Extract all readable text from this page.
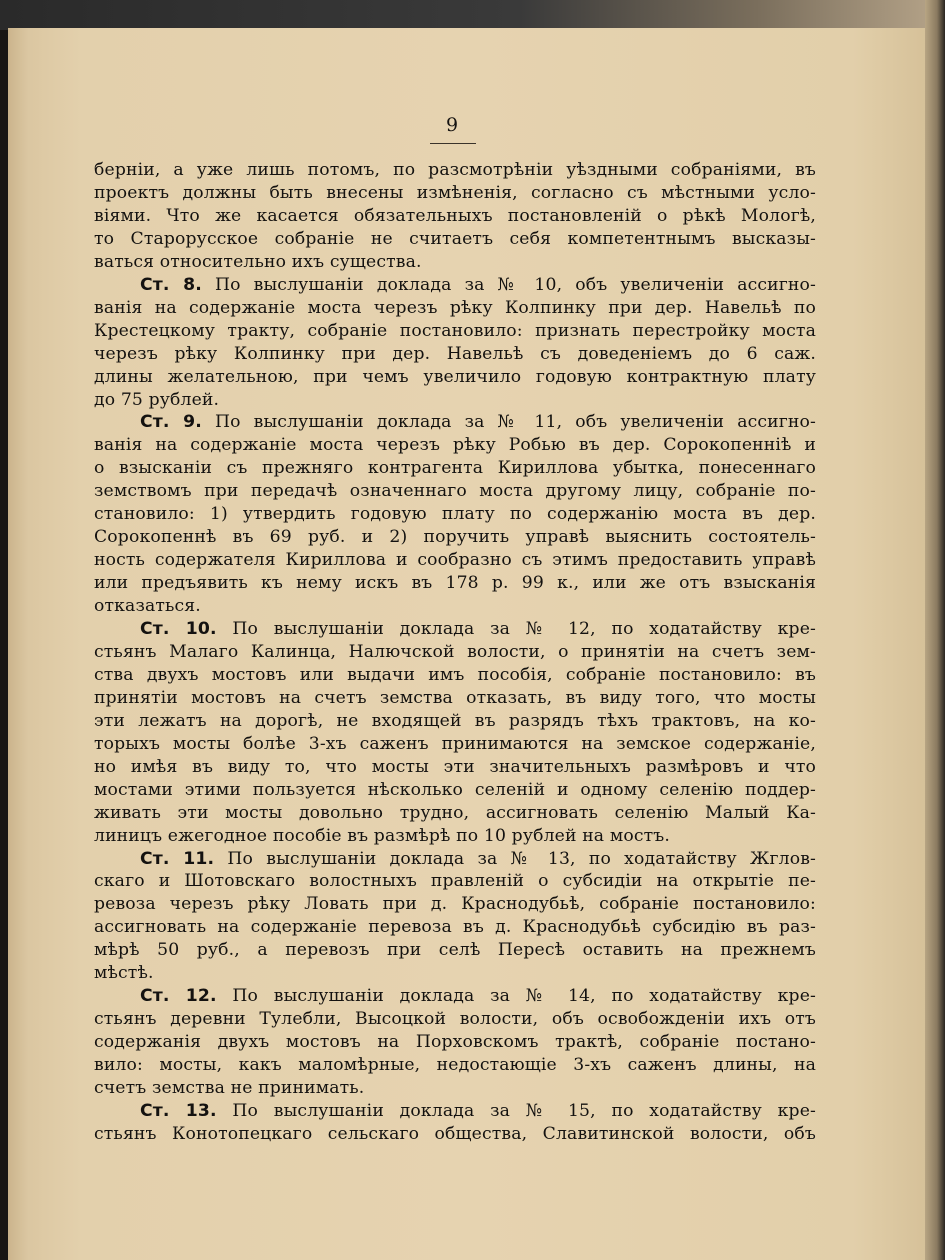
9
берніи, а уже лишь потомъ, по разсмотрѣніи уѣздными собраніями, въ
проектъ должны быть внесены измѣненія, согласно съ мѣстными усло-
віями. Что же касается обязательныхъ постановленій о рѣкѣ Мологѣ,
то Старорусское собраніе не считаетъ себя компетентнымъ высказы-
ваться относительно ихъ существа.
Ст. 8. По выслушаніи доклада за № 10, объ увеличеніи ассигно-
ванія на содержаніе моста черезъ рѣку Колпинку при дер. Навельѣ по
Крестецкому тракту, собраніе постановило: признать перестройку моста
черезъ рѣку Колпинку при дер. Навельѣ съ доведеніемъ до 6 саж.
длины желательною, при чемъ увеличило годовую контрактную плату
до 75 рублей.
Ст. 9. По выслушаніи доклада за № 11, объ увеличеніи ассигно-
ванія на содержаніе моста черезъ рѣку Робью въ дер. Сорокопенніѣ и
о взысканіи съ прежняго контрагента Кириллова убытка, понесеннаго
земствомъ при передачѣ означеннаго моста другому лицу, собраніе по-
становило: 1) утвердить годовую плату по содержанію моста въ дер.
Сорокопеннѣ въ 69 руб. и 2) поручить управѣ выяснить состоятель-
ность содержателя Кириллова и сообразно съ этимъ предоставить управѣ
или предъявить къ нему искъ въ 178 р. 99 к., или же отъ взысканія
отказаться.
Ст. 10. По выслушаніи доклада за № 12, по ходатайству кре-
стьянъ Малаго Калинца, Налючской волости, о принятіи на счетъ зем-
ства двухъ мостовъ или выдачи имъ пособія, собраніе постановило: въ
принятіи мостовъ на счетъ земства отказать, въ виду того, что мосты
эти лежатъ на дорогѣ, не входящей въ разрядъ тѣхъ трактовъ, на ко-
торыхъ мосты болѣе 3-хъ саженъ принимаются на земское содержаніе,
но имѣя въ виду то, что мосты эти значительныхъ размѣровъ и что
мостами этими пользуется нѣсколько селеній и одному селенію поддер-
живать эти мосты довольно трудно, ассигновать селенію Малый Ка-
линицъ ежегодное пособіе въ размѣрѣ по 10 рублей на мостъ.
Ст. 11. По выслушаніи доклада за № 13, по ходатайству Жглов-
скаго и Шотовскаго волостныхъ правленій о субсидіи на открытіе пе-
ревоза черезъ рѣку Ловать при д. Краснодубьѣ, собраніе постановило:
ассигновать на содержаніе перевоза въ д. Краснодубьѣ субсидію въ раз-
мѣрѣ 50 руб., а перевозъ при селѣ Пересѣ оставить на прежнемъ
мѣстѣ.
Ст. 12. По выслушаніи доклада за № 14, по ходатайству кре-
стьянъ деревни Тулебли, Высоцкой волости, объ освобожденіи ихъ отъ
содержанія двухъ мостовъ на Порховскомъ трактѣ, собраніе постано-
вило: мосты, какъ маломѣрные, недостающіе 3-хъ саженъ длины, на
счетъ земства не принимать.
Ст. 13. По выслушаніи доклада за № 15, по ходатайству кре-
стьянъ Конотопецкаго сельскаго общества, Славитинской волости, объ
